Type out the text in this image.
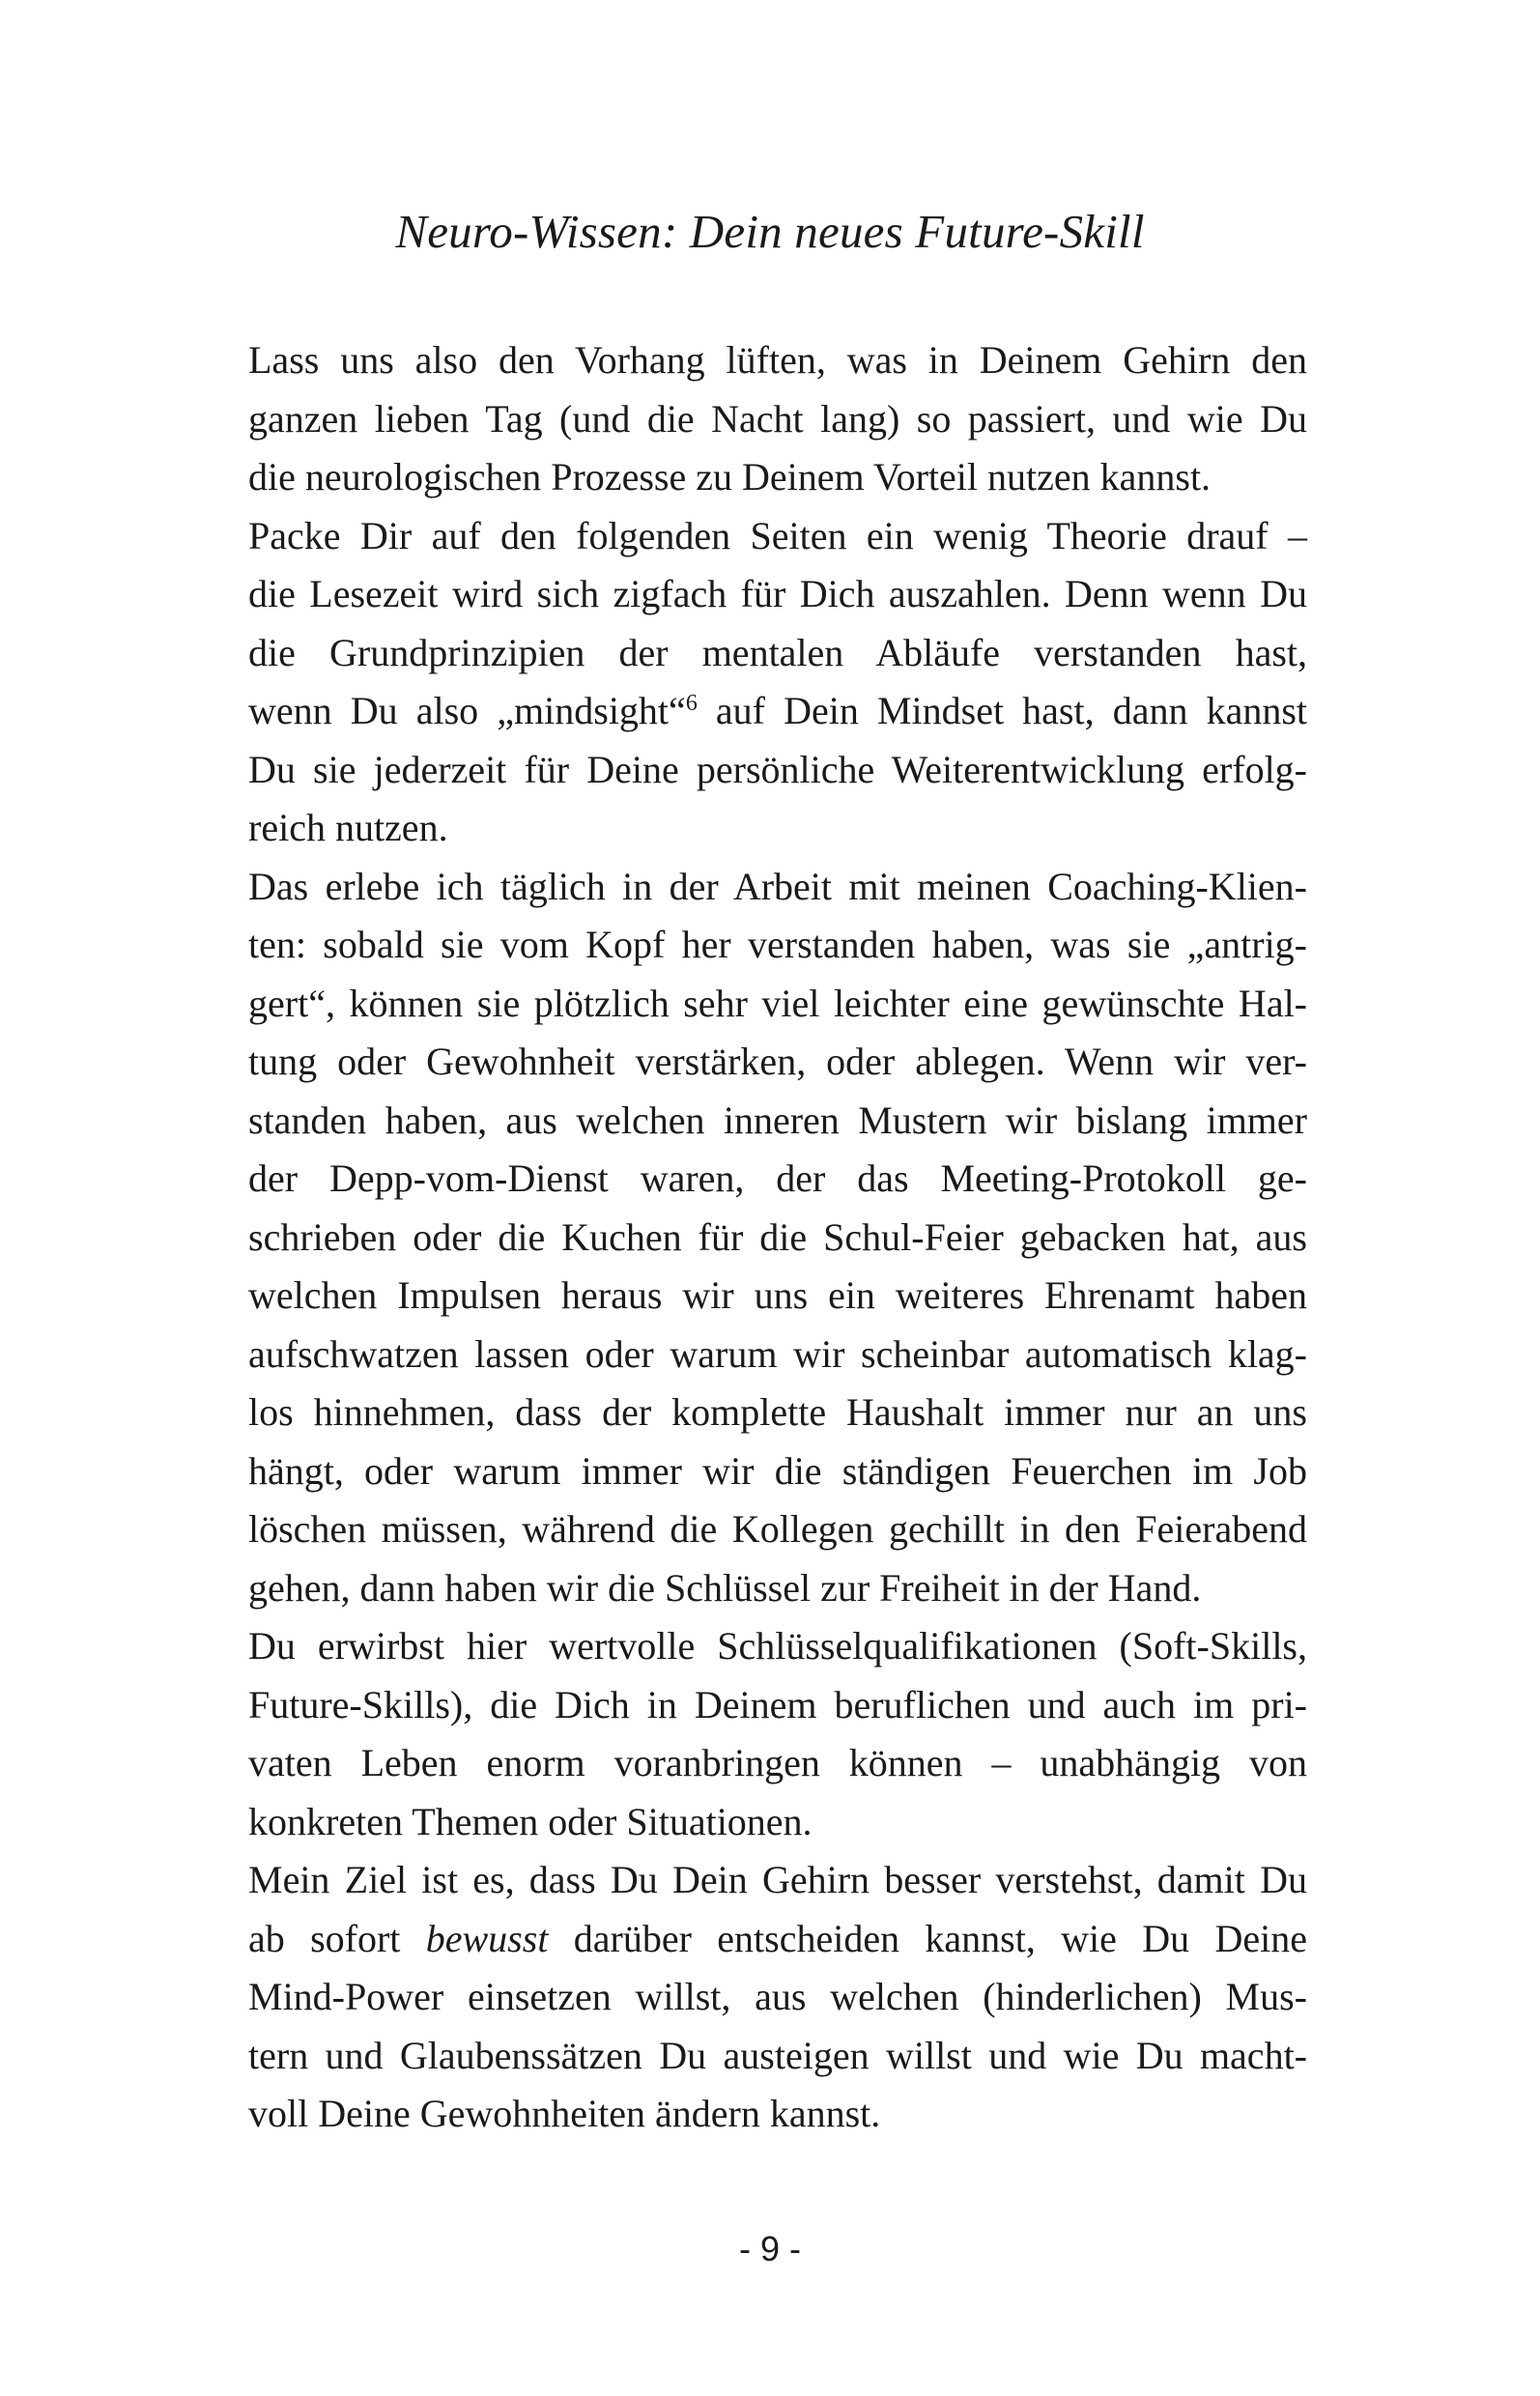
Neuro-Wissen: Dein neues Future-Skill
Lass uns also den Vorhang lüften, was in Deinem Gehirn den
ganzen lieben Tag (und die Nacht lang) so passiert, und wie Du
die neurologischen Prozesse zu Deinem Vorteil nutzen kannst.
Packe Dir auf den folgenden Seiten ein wenig Theorie drauf –
die Lesezeit wird sich zigfach für Dich auszahlen. Denn wenn Du
die Grundprinzipien der mentalen Abläufe verstanden hast,
wenn Du also „mindsight“$^6$ auf Dein Mindset hast, dann kannst
Du sie jederzeit für Deine persönliche Weiterentwicklung erfolg-
reich nutzen.
Das erlebe ich täglich in der Arbeit mit meinen Coaching-Klien-
ten: sobald sie vom Kopf her verstanden haben, was sie „antrig-
gert“, können sie plötzlich sehr viel leichter eine gewünschte Hal-
tung oder Gewohnheit verstärken, oder ablegen. Wenn wir ver-
standen haben, aus welchen inneren Mustern wir bislang immer
der Depp-vom-Dienst waren, der das Meeting-Protokoll ge-
schrieben oder die Kuchen für die Schul-Feier gebacken hat, aus
welchen Impulsen heraus wir uns ein weiteres Ehrenamt haben
aufschwatzen lassen oder warum wir scheinbar automatisch klag-
los hinnehmen, dass der komplette Haushalt immer nur an uns
hängt, oder warum immer wir die ständigen Feuerchen im Job
löschen müssen, während die Kollegen gechillt in den Feierabend
gehen, dann haben wir die Schlüssel zur Freiheit in der Hand.
Du erwirbst hier wertvolle Schlüsselqualifikationen (Soft-Skills,
Future-Skills), die Dich in Deinem beruflichen und auch im pri-
vaten Leben enorm voranbringen können – unabhängig von
konkreten Themen oder Situationen.
Mein Ziel ist es, dass Du Dein Gehirn besser verstehst, damit Du
ab sofort bewusst darüber entscheiden kannst, wie Du Deine
Mind-Power einsetzen willst, aus welchen (hinderlichen) Mus-
tern und Glaubenssätzen Du austeigen willst und wie Du macht-
voll Deine Gewohnheiten ändern kannst.
- 9 -
